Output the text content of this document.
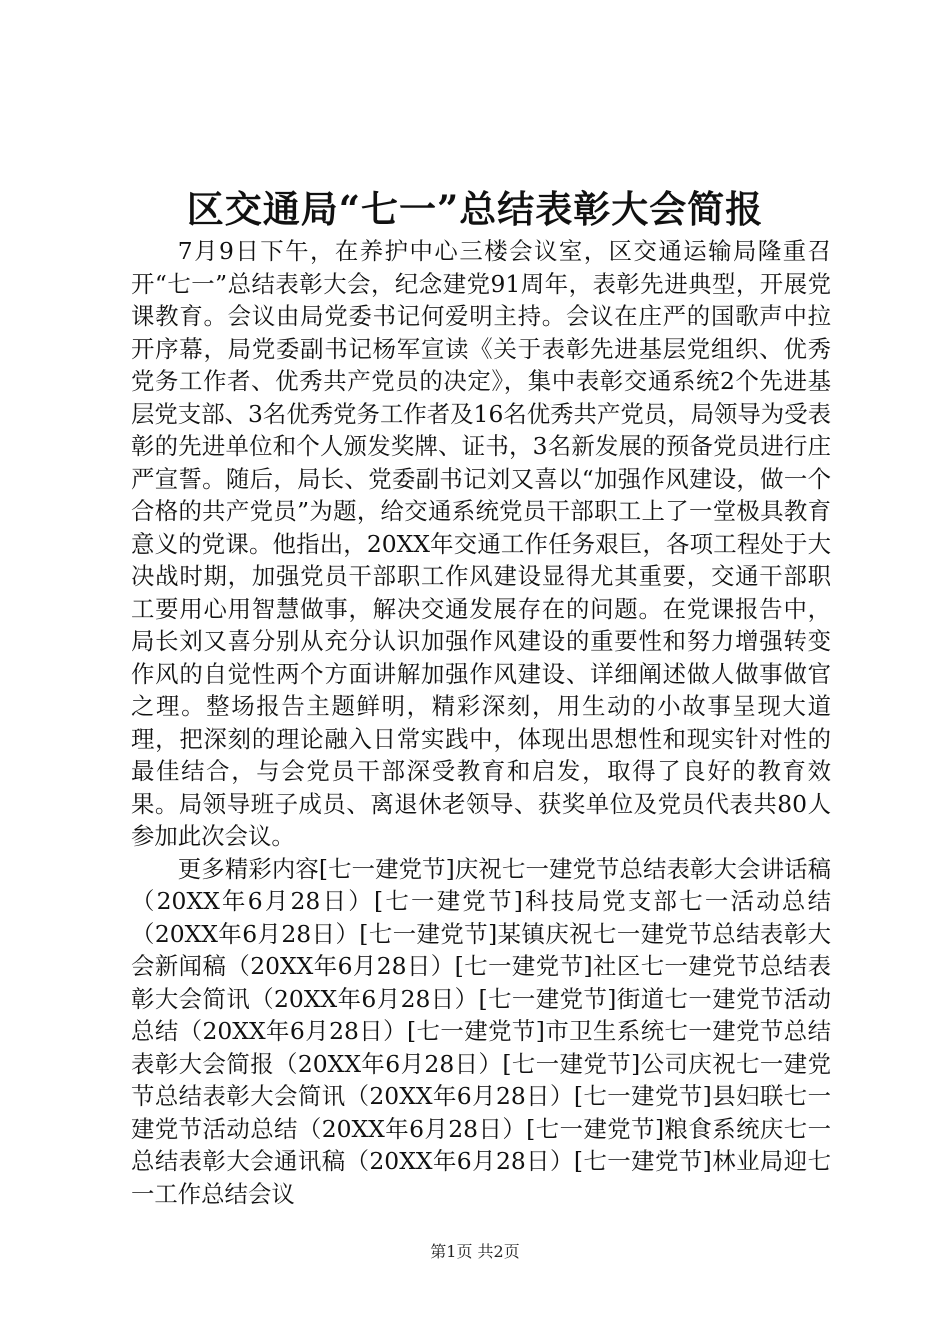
区交通局“七一”总结表彰大会简报

7月9日下午，在养护中心三楼会议室，区交通运输局隆重召开“七一”总结表彰大会，纪念建党91周年，表彰先进典型，开展党课教育。会议由局党委书记何爱明主持。会议在庄严的国歌声中拉开序幕，局党委副书记杨军宣读《关于表彰先进基层党组织、优秀党务工作者、优秀共产党员的决定》，集中表彰交通系统2个先进基层党支部、3名优秀党务工作者及16名优秀共产党员，局领导为受表彰的先进单位和个人颁发奖牌、证书，3名新发展的预备党员进行庄严宣誓。随后，局长、党委副书记刘又喜以“加强作风建设，做一个合格的共产党员”为题，给交通系统党员干部职工上了一堂极具教育意义的党课。他指出，20XX年交通工作任务艰巨，各项工程处于大决战时期，加强党员干部职工作风建设显得尤其重要，交通干部职工要用心用智慧做事，解决交通发展存在的问题。在党课报告中，局长刘又喜分别从充分认识加强作风建设的重要性和努力增强转变作风的自觉性两个方面讲解加强作风建设、详细阐述做人做事做官之理。整场报告主题鲜明，精彩深刻，用生动的小故事呈现大道理，把深刻的理论融入日常实践中，体现出思想性和现实针对性的最佳结合，与会党员干部深受教育和启发，取得了良好的教育效果。局领导班子成员、离退休老领导、获奖单位及党员代表共80人参加此次会议。

更多精彩内容[七一建党节]庆祝七一建党节总结表彰大会讲话稿（20XX年6月28日）[七一建党节]科技局党支部七一活动总结（20XX年6月28日）[七一建党节]某镇庆祝七一建党节总结表彰大会新闻稿（20XX年6月28日）[七一建党节]社区七一建党节总结表彰大会简讯（20XX年6月28日）[七一建党节]街道七一建党节活动总结（20XX年6月28日）[七一建党节]市卫生系统七一建党节总结表彰大会简报（20XX年6月28日）[七一建党节]公司庆祝七一建党节总结表彰大会简讯（20XX年6月28日）[七一建党节]县妇联七一建党节活动总结（20XX年6月28日）[七一建党节]粮食系统庆七一总结表彰大会通讯稿（20XX年6月28日）[七一建党节]林业局迎七一工作总结会议

第1页 共2页
